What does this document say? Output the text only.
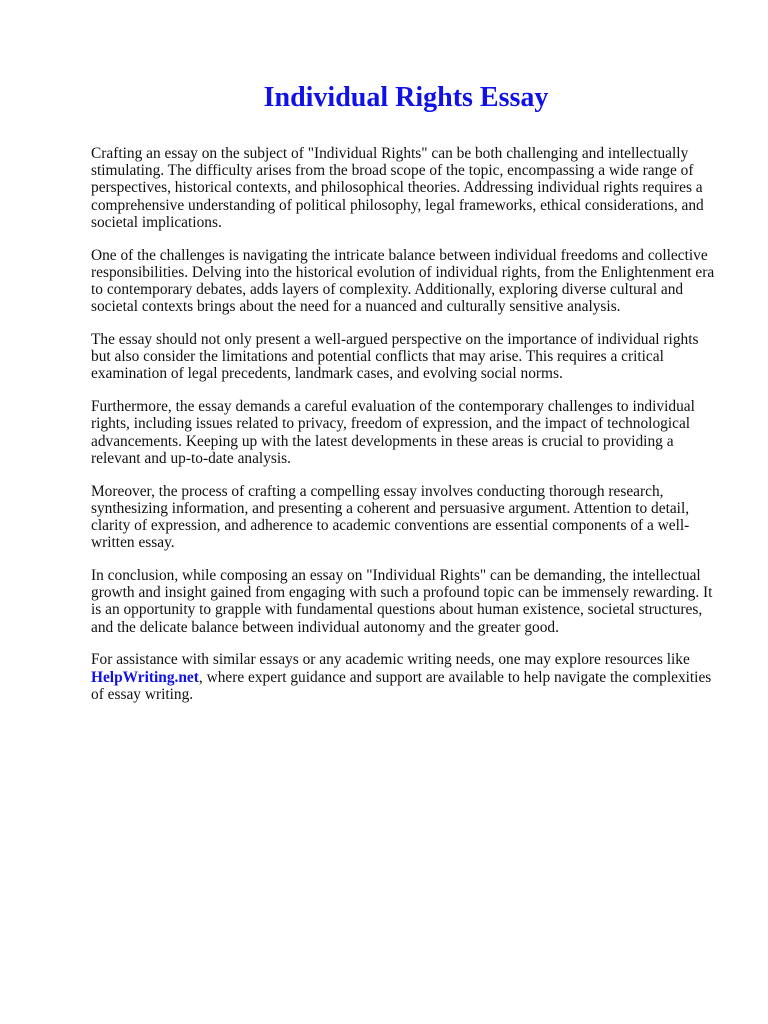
Individual Rights Essay

Crafting an essay on the subject of "Individual Rights" can be both challenging and intellectually stimulating. The difficulty arises from the broad scope of the topic, encompassing a wide range of perspectives, historical contexts, and philosophical theories. Addressing individual rights requires a comprehensive understanding of political philosophy, legal frameworks, ethical considerations, and societal implications.

One of the challenges is navigating the intricate balance between individual freedoms and collective responsibilities. Delving into the historical evolution of individual rights, from the Enlightenment era to contemporary debates, adds layers of complexity. Additionally, exploring diverse cultural and societal contexts brings about the need for a nuanced and culturally sensitive analysis.

The essay should not only present a well-argued perspective on the importance of individual rights but also consider the limitations and potential conflicts that may arise. This requires a critical examination of legal precedents, landmark cases, and evolving social norms.

Furthermore, the essay demands a careful evaluation of the contemporary challenges to individual rights, including issues related to privacy, freedom of expression, and the impact of technological advancements. Keeping up with the latest developments in these areas is crucial to providing a relevant and up-to-date analysis.

Moreover, the process of crafting a compelling essay involves conducting thorough research, synthesizing information, and presenting a coherent and persuasive argument. Attention to detail, clarity of expression, and adherence to academic conventions are essential components of a well-written essay.

In conclusion, while composing an essay on "Individual Rights" can be demanding, the intellectual growth and insight gained from engaging with such a profound topic can be immensely rewarding. It is an opportunity to grapple with fundamental questions about human existence, societal structures, and the delicate balance between individual autonomy and the greater good.

For assistance with similar essays or any academic writing needs, one may explore resources like HelpWriting.net, where expert guidance and support are available to help navigate the complexities of essay writing.
